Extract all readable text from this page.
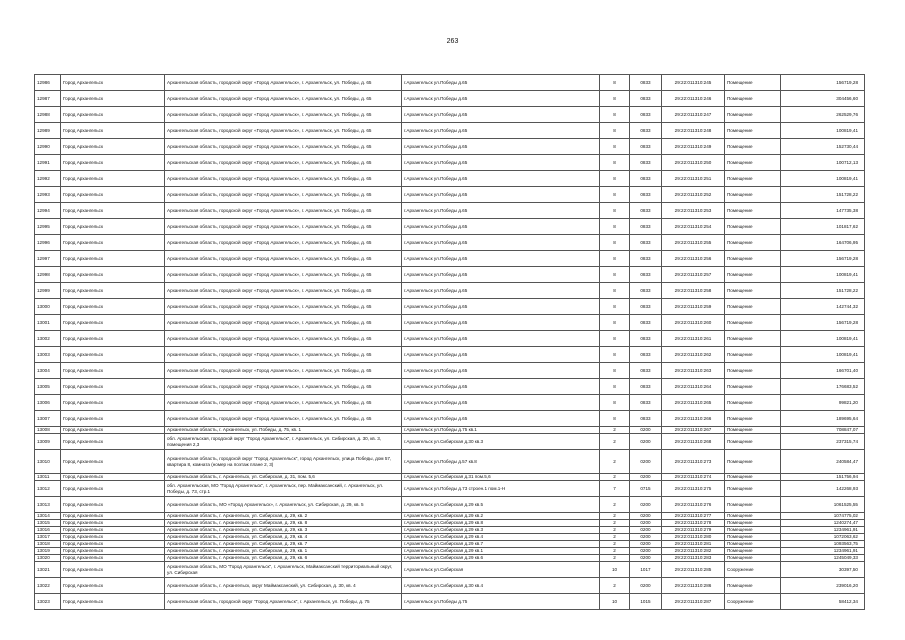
263
12986	Город Архангельск	Архангельская область, городской округ «Город Архангельск», г. Архангельск, ул. Победы, д. 65	г.Архангельск ул.Победы д.65	8	0833	29:22:011310:245	Помещение	156719,28
12987	Город Архангельск	Архангельская область, городской округ «Город Архангельск», г. Архангельск, ул. Победы, д. 65	г.Архангельск ул.Победы д.65	8	0833	29:22:011310:246	Помещение	304456,60
12988	Город Архангельск	Архангельская область, городской округ «Город Архангельск», г. Архангельск, ул. Победы, д. 65	г.Архангельск ул.Победы д.65	8	0833	29:22:011310:247	Помещение	262529,76
12989	Город Архангельск	Архангельская область, городской округ «Город Архангельск», г. Архангельск, ул. Победы, д. 65	г.Архангельск ул.Победы д.65	8	0833	29:22:011310:248	Помещение	100819,41
12990	Город Архангельск	Архангельская область, городской округ «Город Архангельск», г. Архангельск, ул. Победы, д. 65	г.Архангельск ул.Победы д.65	8	0833	29:22:011310:249	Помещение	152730,44
12991	Город Архангельск	Архангельская область, городской округ «Город Архангельск», г. Архангельск, ул. Победы, д. 65	г.Архангельск ул.Победы д.65	8	0833	29:22:011310:250	Помещение	100712,13
12992	Город Архангельск	Архангельская область, городской округ «Город Архангельск», г. Архангельск, ул. Победы, д. 65	г.Архангельск ул.Победы д.65	8	0833	29:22:011310:251	Помещение	100819,41
12993	Город Архангельск	Архангельская область, городской округ «Город Архангельск», г. Архангельск, ул. Победы, д. 65	г.Архангельск ул.Победы д.65	8	0833	29:22:011310:252	Помещение	151728,22
12994	Город Архангельск	Архангельская область, городской округ «Город Архангельск», г. Архангельск, ул. Победы, д. 65	г.Архангельск ул.Победы д.65	8	0833	29:22:011310:253	Помещение	147735,38
12995	Город Архангельск	Архангельская область, городской округ «Город Архангельск», г. Архангельск, ул. Победы, д. 65	г.Архангельск ул.Победы д.65	8	0833	29:22:011310:254	Помещение	101817,62
12996	Город Архангельск	Архангельская область, городской округ «Город Архангельск», г. Архангельск, ул. Победы, д. 65	г.Архангельск ул.Победы д.65	8	0833	29:22:011310:255	Помещение	164706,95
12997	Город Архангельск	Архангельская область, городской округ «Город Архангельск», г. Архангельск, ул. Победы, д. 65	г.Архангельск ул.Победы д.65	8	0833	29:22:011310:256	Помещение	156719,28
12998	Город Архангельск	Архангельская область, городской округ «Город Архангельск», г. Архангельск, ул. Победы, д. 65	г.Архангельск ул.Победы д.65	8	0833	29:22:011310:257	Помещение	100819,41
12999	Город Архангельск	Архангельская область, городской округ «Город Архангельск», г. Архангельск, ул. Победы, д. 65	г.Архангельск ул.Победы д.65	8	0833	29:22:011310:258	Помещение	151728,22
13000	Город Архангельск	Архангельская область, городской округ «Город Архангельск», г. Архангельск, ул. Победы, д. 65	г.Архангельск ул.Победы д.65	8	0833	29:22:011310:259	Помещение	142744,32
13001	Город Архангельск	Архангельская область, городской округ «Город Архангельск», г. Архангельск, ул. Победы, д. 65	г.Архангельск ул.Победы д.65	8	0833	29:22:011310:260	Помещение	156719,28
13002	Город Архангельск	Архангельская область, городской округ «Город Архангельск», г. Архангельск, ул. Победы, д. 65	г.Архангельск ул.Победы д.65	8	0833	29:22:011310:261	Помещение	100819,41
13003	Город Архангельск	Архангельская область, городской округ «Город Архангельск», г. Архангельск, ул. Победы, д. 65	г.Архангельск ул.Победы д.65	8	0833	29:22:011310:262	Помещение	100819,41
13004	Город Архангельск	Архангельская область, городской округ «Город Архангельск», г. Архангельск, ул. Победы, д. 65	г.Архангельск ул.Победы д.65	8	0833	29:22:011310:263	Помещение	166701,40
13005	Город Архангельск	Архангельская область, городской округ «Город Архангельск», г. Архангельск, ул. Победы, д. 65	г.Архангельск ул.Победы д.65	8	0833	29:22:011310:264	Помещение	176683,52
13006	Город Архангельск	Архангельская область, городской округ «Город Архангельск», г. Архангельск, ул. Победы, д. 65	г.Архангельск ул.Победы д.65	8	0833	29:22:011310:265	Помещение	99821,20
13007	Город Архангельск	Архангельская область, городской округ «Город Архангельск», г. Архангельск, ул. Победы, д. 65	г.Архангельск ул.Победы д.65	8	0833	29:22:011310:266	Помещение	189695,64
13008	Город Архангельск	Архангельская область, г. Архангельск, ул. Победы, д. 75, кв. 1	г.Архангельск ул.Победы д.75 кв.1	2	0200	29:22:011310:267	Помещение	708847,07
13009	Город Архангельск	обл. Архангельская, городской округ "Город Архангельск", г. Архангельск, ул. Сибирская, д. 30, кв. 3, помещения 2,3	г.Архангельск ул.Сибирская д.30 кв.3	2	0200	29:22:011310:268	Помещение	237315,74
13010	Город Архангельск	Архангельская область, городской округ "Город Архангельск", город Архангельск, улица Победы, дом 57, квартира 8, комната (номер на поэтаж плане 2, 3)	г.Архангельск ул.Победы д.57 кв.8	2	0200	29:22:011310:273	Помещение	240584,47
13011	Город Архангельск	Архангельская область, г. Архангельск, ул. Сибирская, д. 31, пом. 5,6	г.Архангельск ул.Сибирская д.31 пом.5,6	2	0200	29:22:011310:274	Помещение	151756,94
13012	Город Архангельск	обл. Архангельская, МО "Город Архангельск", г. Архангельск, пер. Маймаксанский, г. Архангельск, ул. Победы, д. 73, стр.1	г.Архангельск ул.Победы д.73 строен.1 пом.1-Н	7	0715	29:22:011310:275	Помещение	142268,93
13013	Город Архангельск	Архангельская область, МО «Город Архангельск», г. Архангельск, ул. Сибирская, д. 29, кв. 5	г.Архангельск ул.Сибирская д.29 кв.5	2	0200	29:22:011310:276	Помещение	1061525,55
13014	Город Архангельск	Архангельская область, г. Архангельск, ул. Сибирская, д. 29, кв. 2	г.Архангельск ул.Сибирская д.29 кв.2	2	0200	29:22:011310:277	Помещение	1074775,02
13015	Город Архангельск	Архангельская область, г. Архангельск, ул. Сибирская, д. 29, кв. 8	г.Архангельск ул.Сибирская д.29 кв.8	2	0200	29:22:011310:278	Помещение	1240274,47
13016	Город Архангельск	Архангельская область, г. Архангельск, ул. Сибирская, д. 29, кв. 3	г.Архангельск ул.Сибирская д.29 кв.3	2	0200	29:22:011310:279	Помещение	1234961,91
13017	Город Архангельск	Архангельская область, г. Архангельск, ул. Сибирская, д. 29, кв. 4	г.Архангельск ул.Сибирская д.29 кв.4	2	0200	29:22:011310:280	Помещение	1072063,62
13018	Город Архангельск	Архангельская область, г. Архангельск, ул. Сибирская, д. 29, кв. 7	г.Архангельск ул.Сибирская д.29 кв.7	2	0200	29:22:011310:281	Помещение	1093563,75
13019	Город Архангельск	Архангельская область, г. Архангельск, ул. Сибирская, д. 29, кв. 1	г.Архангельск ул.Сибирская д.29 кв.1	2	0200	29:22:011310:282	Помещение	1234961,91
13020	Город Архангельск	Архангельская область, г. Архангельск, ул. Сибирская, д. 29, кв. 6	г.Архангельск ул.Сибирская д.29 кв.6	2	0200	29:22:011310:283	Помещение	1245049,33
13021	Город Архангельск	Архангельская область, МО "Город Архангельск", г. Архангельск, Маймаксанский территориальный округ, ул. Сибирская	г.Архангельск ул.Сибирская	10	1017	29:22:011310:285	Сооружение	30397,50
13022	Город Архангельск	Архангельская область, г. Архангельск, округ Маймаксанский, ул. Сибирская, д. 30, кв. 4	г.Архангельск ул.Сибирская д.30 кв.4	2	0200	29:22:011310:286	Помещение	239016,20
13023	Город Архангельск	Архангельская область, городской округ "Город Архангельск", г. Архангельск, ул. Победы, д. 75	г.Архангельск ул.Победы д.75	10	1015	29:22:011310:287	Сооружение	58412,34
